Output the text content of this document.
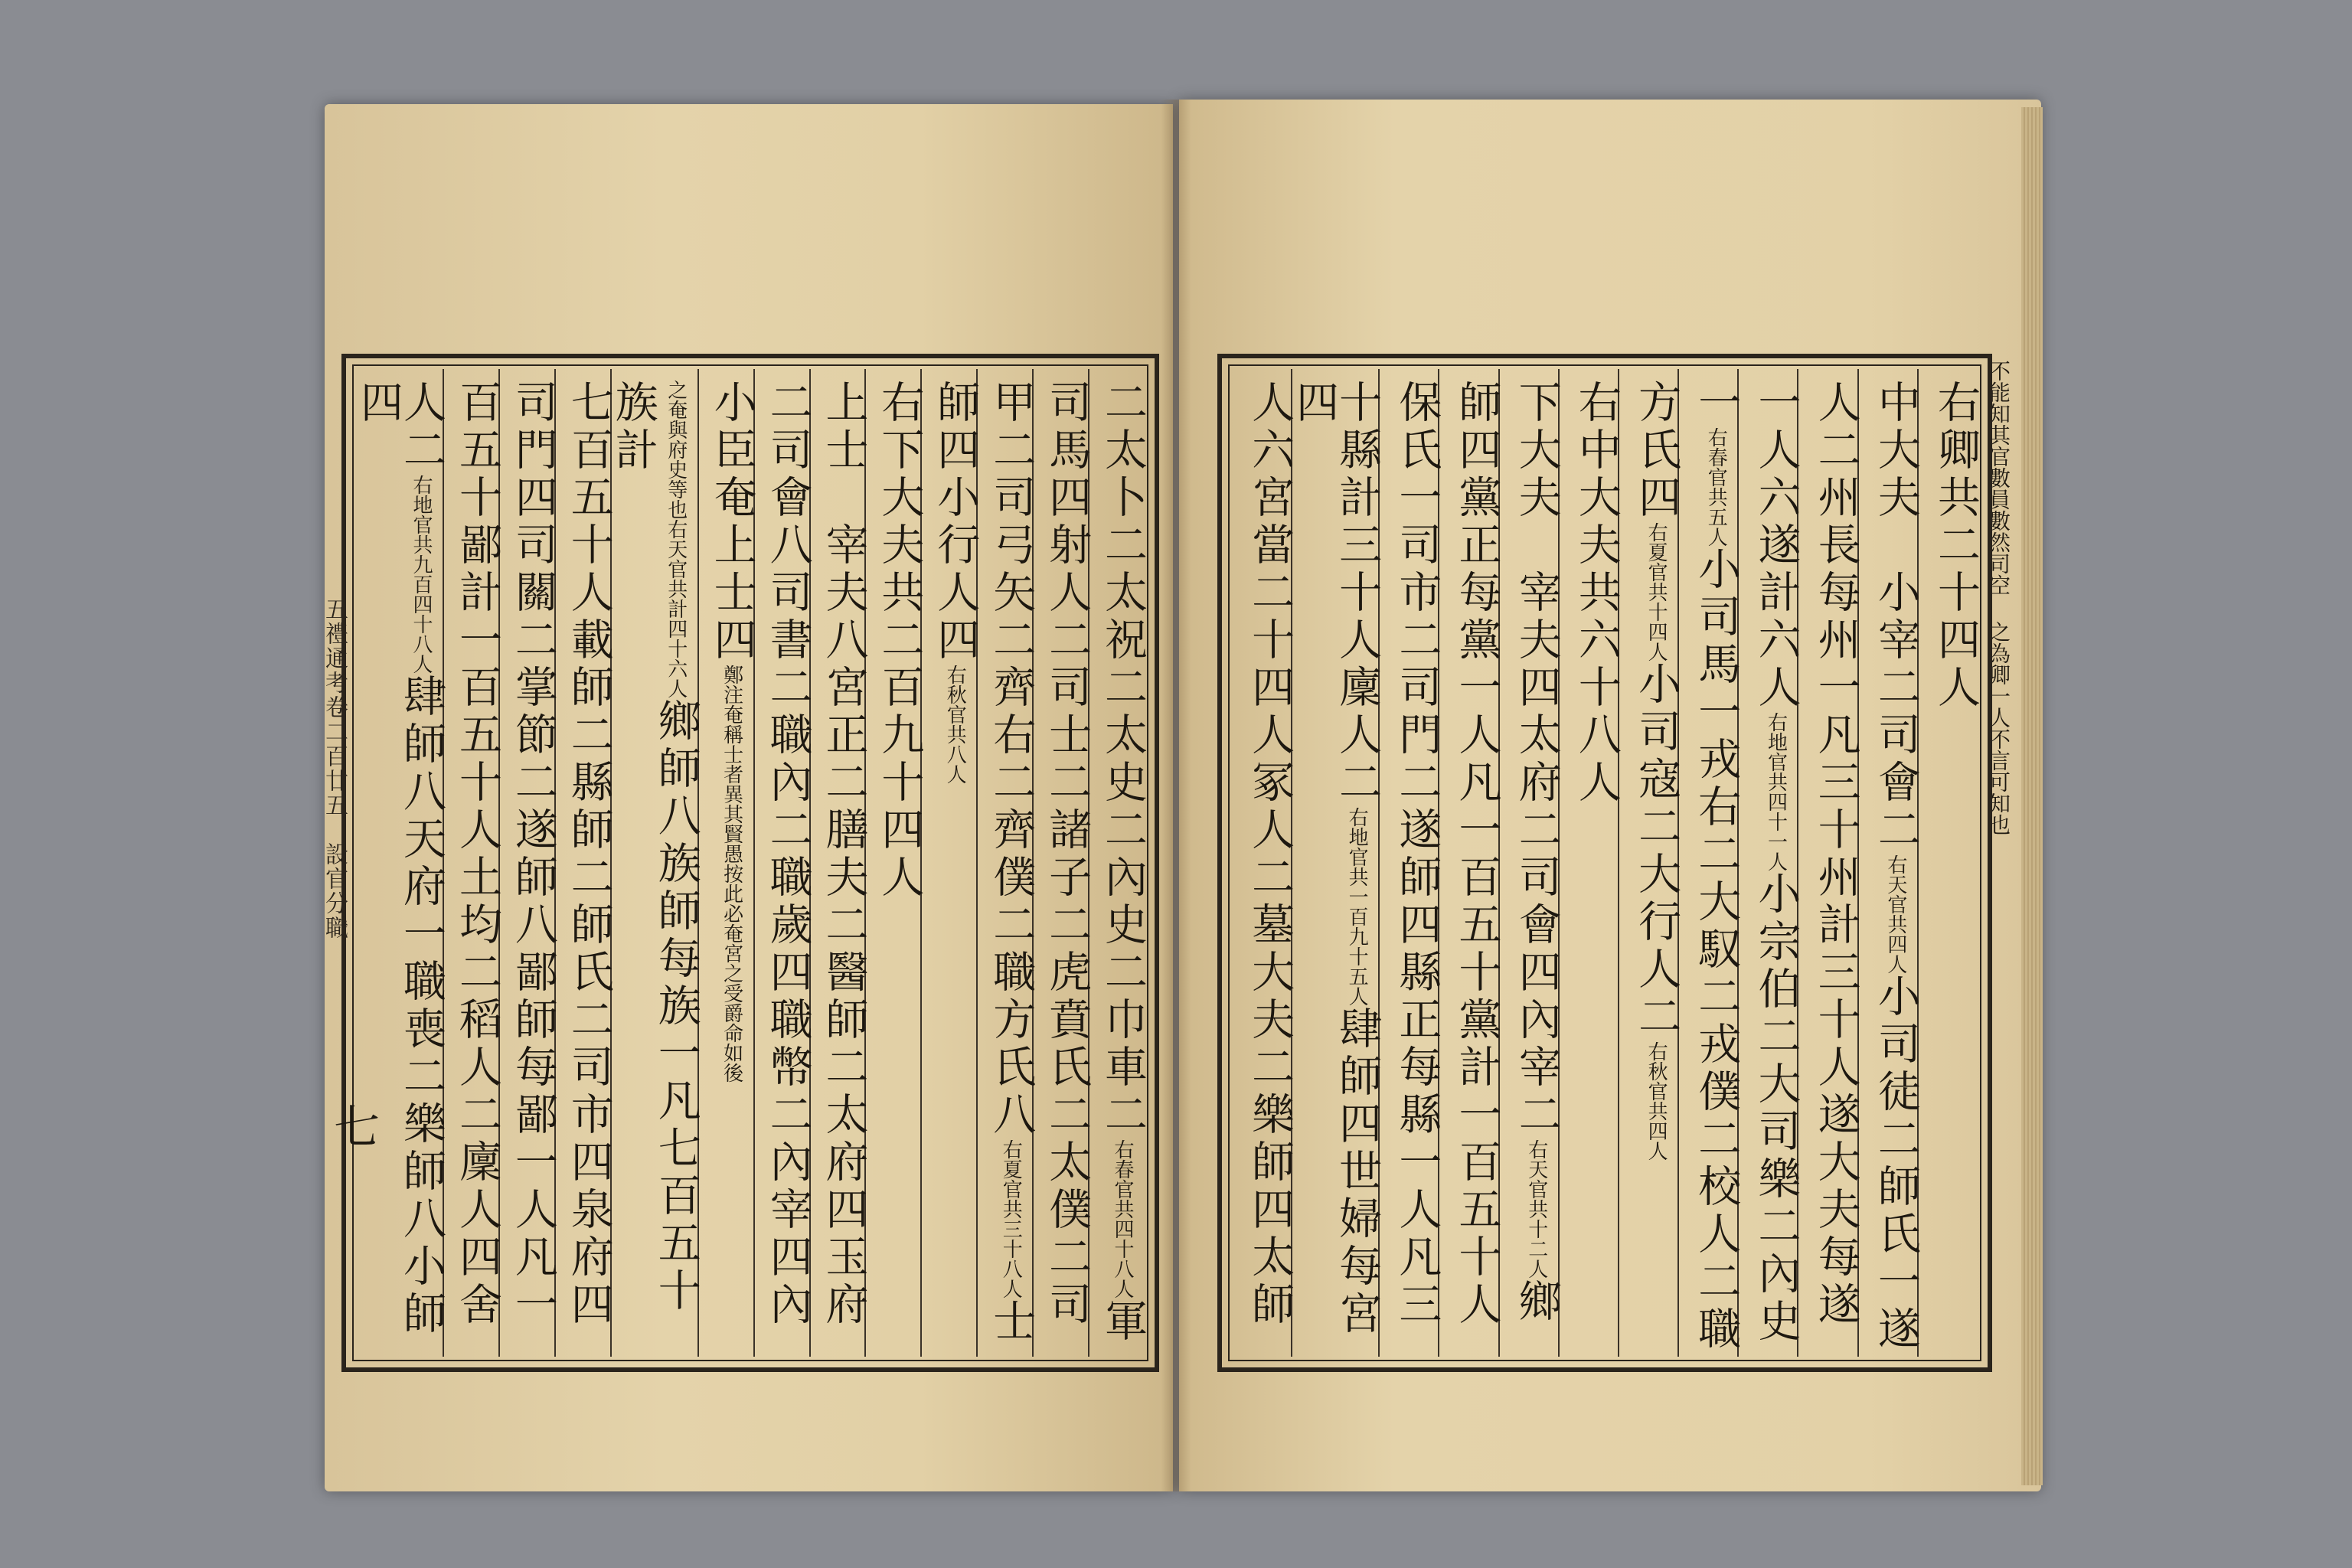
不能知其官數員數然司空 之為卿一人不言可知也
右卿共二十四人
中大夫　小宰二司會二右天官共四人小司徒二師氏一遂
人二州長每州一凡三十州計三十人遂大夫每遂
一人六遂計六人右地官共四十一人小宗伯二大司樂二內史
一右春官共五人小司馬一戎右二大馭二戎僕二校人二職
方氏四右夏官共十四人小司寇二大行人二右秋官共四人
右中大夫共六十八人
下大夫　宰夫四太府二司會四內宰二右天官共十二人鄉
師四黨正每黨一人凡一百五十黨計一百五十人
保氏一司市二司門二遂師四縣正每縣一人凡三
十縣計三十人廩人二右地官共一百九十五人肆師四世婦每宮四
人六宮當二十四人冢人二墓大夫二樂師四太師
二太卜二太祝二太史二內史二巾車二右春官共四十八人軍
司馬四射人二司士二諸子二虎賁氏二太僕二司
甲二司弓矢二齊右二齊僕二職方氏八右夏官共三十八人士
師四小行人四右秋官共八人
右下大夫共二百九十四人
上士　宰夫八宮正二膳夫二醫師二太府四玉府
二司會八司書二職內二職歲四職幣二內宰四內
小臣奄上士四鄭注奄稱士者異其賢愚按此必奄宮之受爵命如後
之奄與府史等也右天官共計四十六人鄉師八族師每族一凡七百五十族計
七百五十人載師二縣師二師氏二司市四泉府四
司門四司關二掌節二遂師八鄙師每鄙一人凡一
百五十鄙計一百五十人土均二稻人二廩人四舍
人二右地官共九百四十八人肆師八天府一職喪二樂師八小師四
五禮通考卷二百廿五　設官分職
七
